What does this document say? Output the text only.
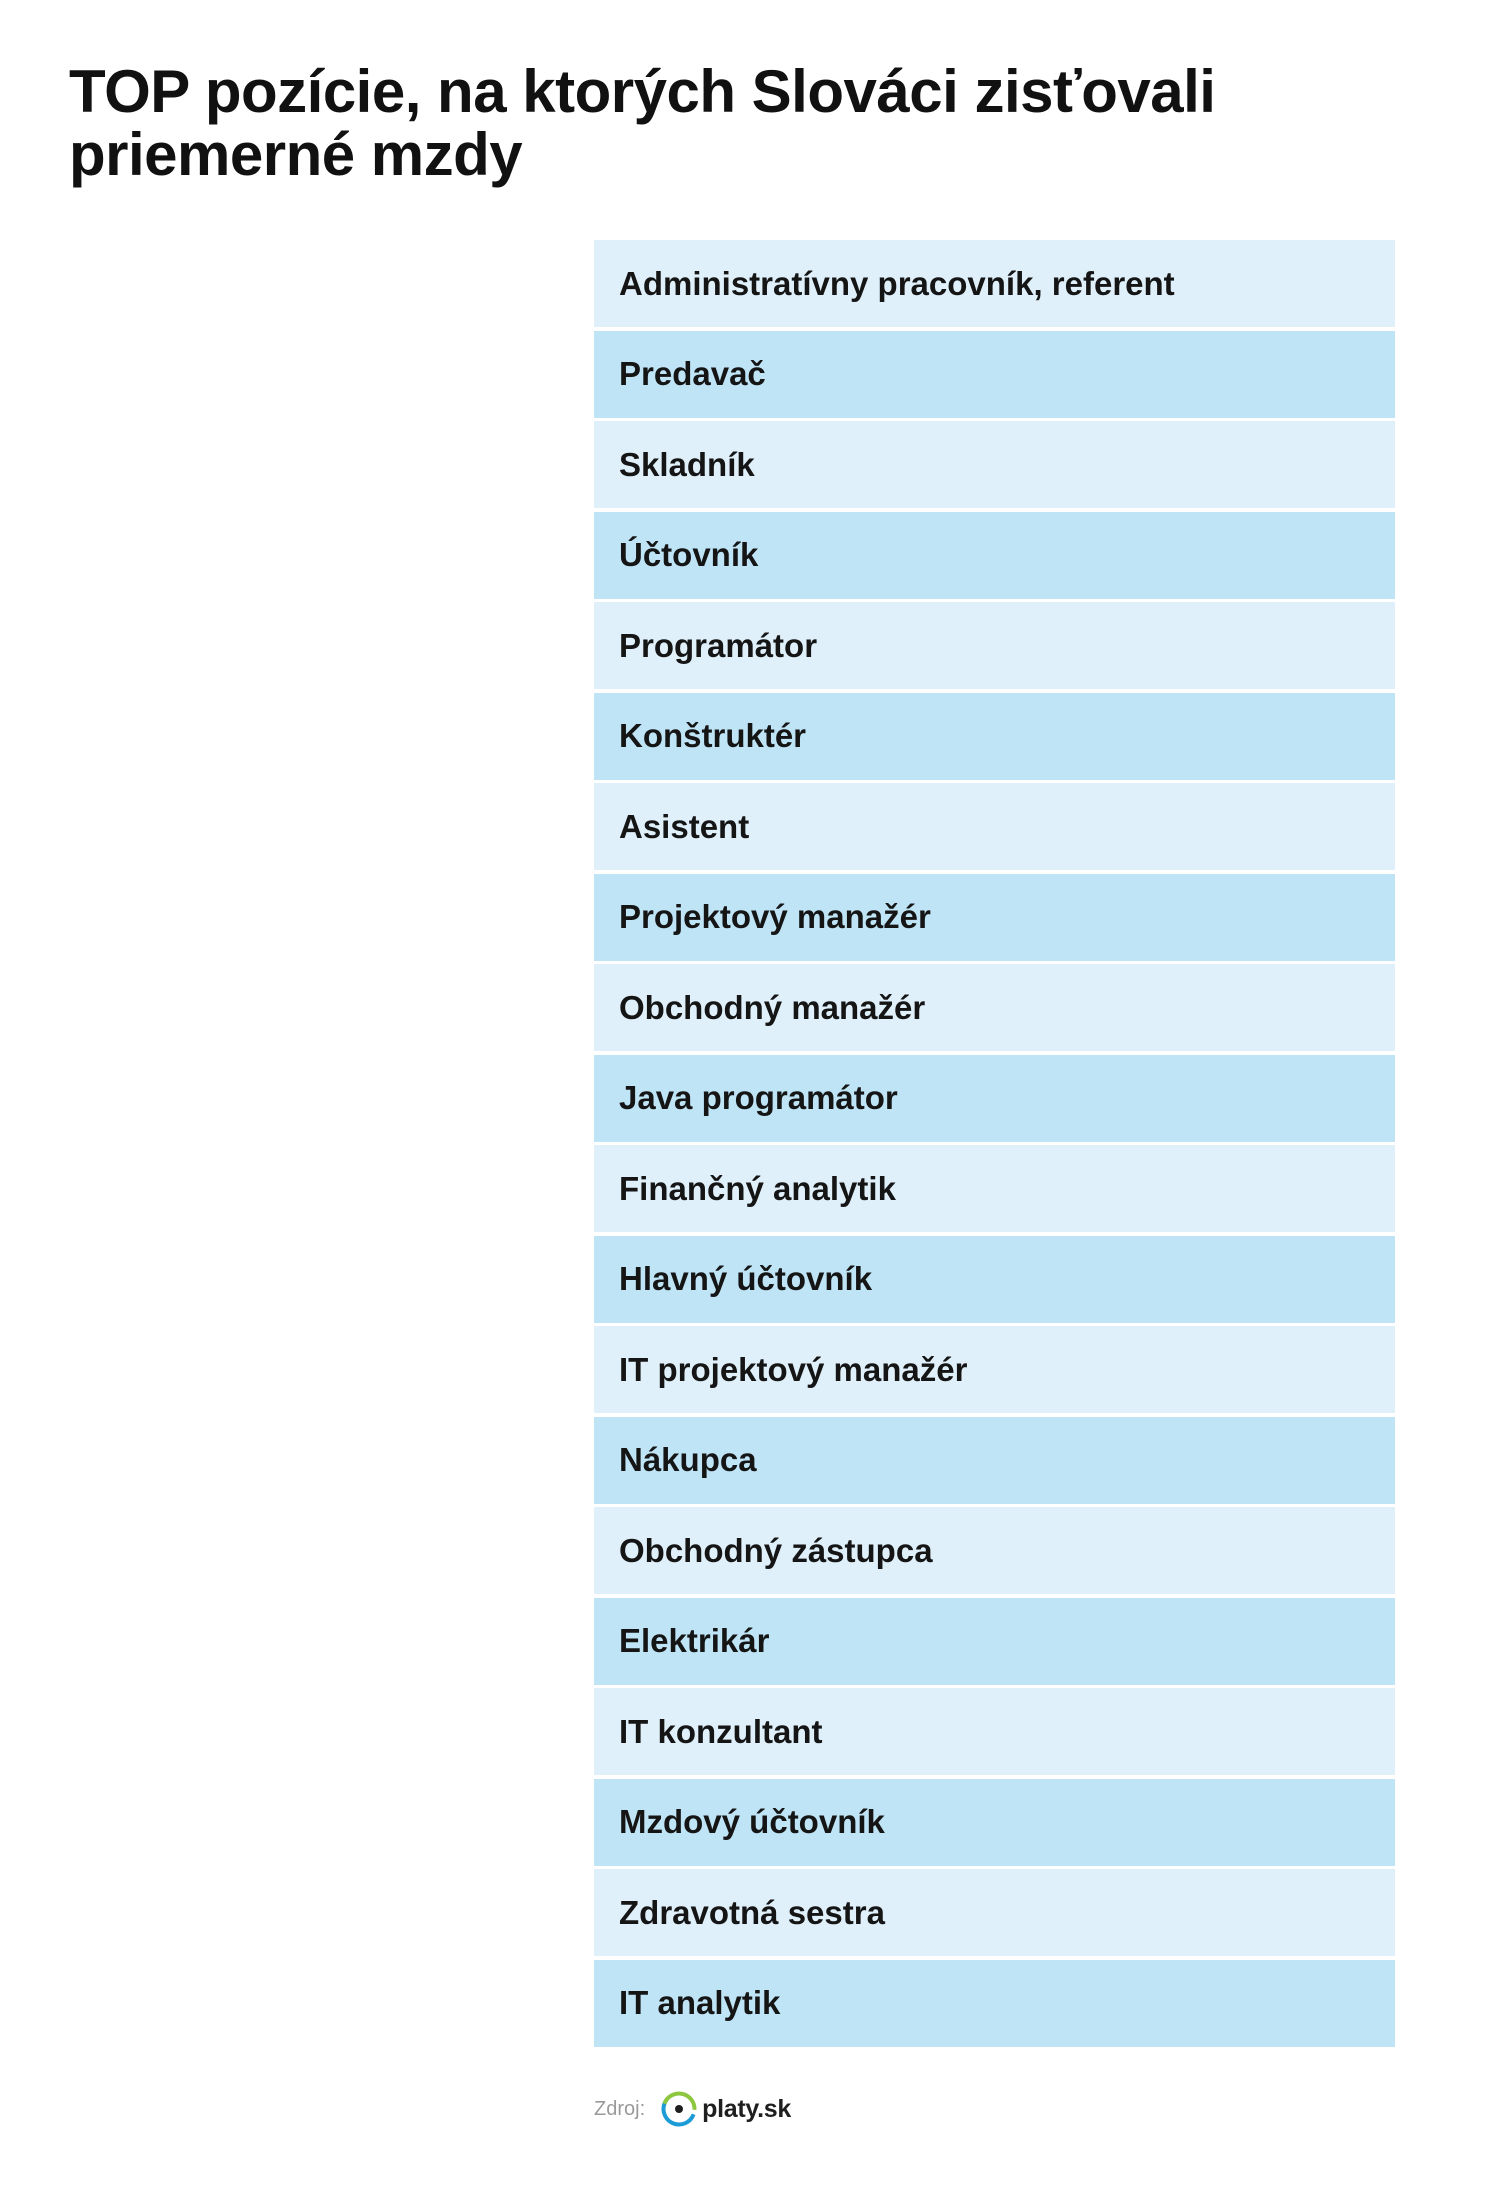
TOP pozície, na ktorých Slováci zisťovali priemerné mzdy
Administratívny pracovník, referent
Predavač
Skladník
Účtovník
Programátor
Konštruktér
Asistent
Projektový manažér
Obchodný manažér
Java programátor
Finančný analytik
Hlavný účtovník
IT projektový manažér
Nákupca
Obchodný zástupca
Elektrikár
IT konzultant
Mzdový účtovník
Zdravotná sestra
IT analytik
Zdroj: platy.sk
